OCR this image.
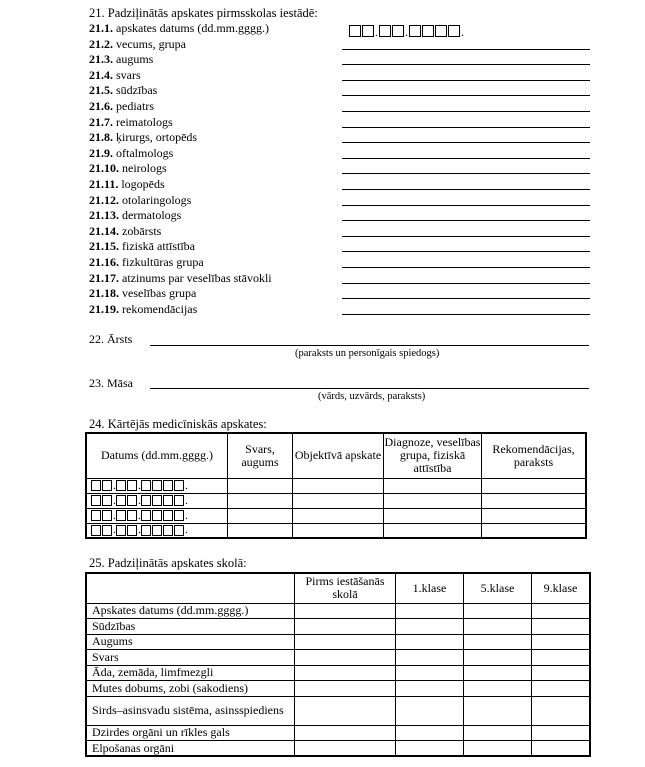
21. Padziļinātās apskates pirmsskolas iestādē:
21.1. apskates datums (dd.mm.gggg.)
21.2. vecums, grupa
21.3. augums
21.4. svars
21.5. sūdzības
21.6. pediatrs
21.7. reimatologs
21.8. ķirurgs, ortopēds
21.9. oftalmologs
21.10. neirologs
21.11. logopēds
21.12. otolaringologs
21.13. dermatologs
21.14. zobārsts
21.15. fiziskā attīstība
21.16. fizkultūras grupa
21.17. atzinums par veselības stāvokli
21.18. veselības grupa
21.19. rekomendācijas
. .	.
22. Ārsts
(paraksts un personīgais spiedogs)
23. Māsa
(vārds, uzvārds, paraksts)
24. Kārtējās medicīniskās apskates:
Datums (dd.mm.gggg.)	Svars, augums	Objektīvā apskate	Diagnoze, veselības grupa, fiziskā attīstība	Rekomendācijas, paraksts

. . .				

. . .				

. . .				

. . .				

25. Padziļinātās apskates skolā:
	Pirms iestāšanās skolā	1.klase	5.klase	9.klase
Apskates datums (dd.mm.gggg.)				
Sūdzības				
Augums				
Svars				
Āda, zemāda, limfmezgli				
Mutes dobums, zobi (sakodiens)				
Sirds–asinsvadu sistēma, asinsspiediens				
Dzirdes orgāni un rīkles gals				
Elpošanas orgāni				
